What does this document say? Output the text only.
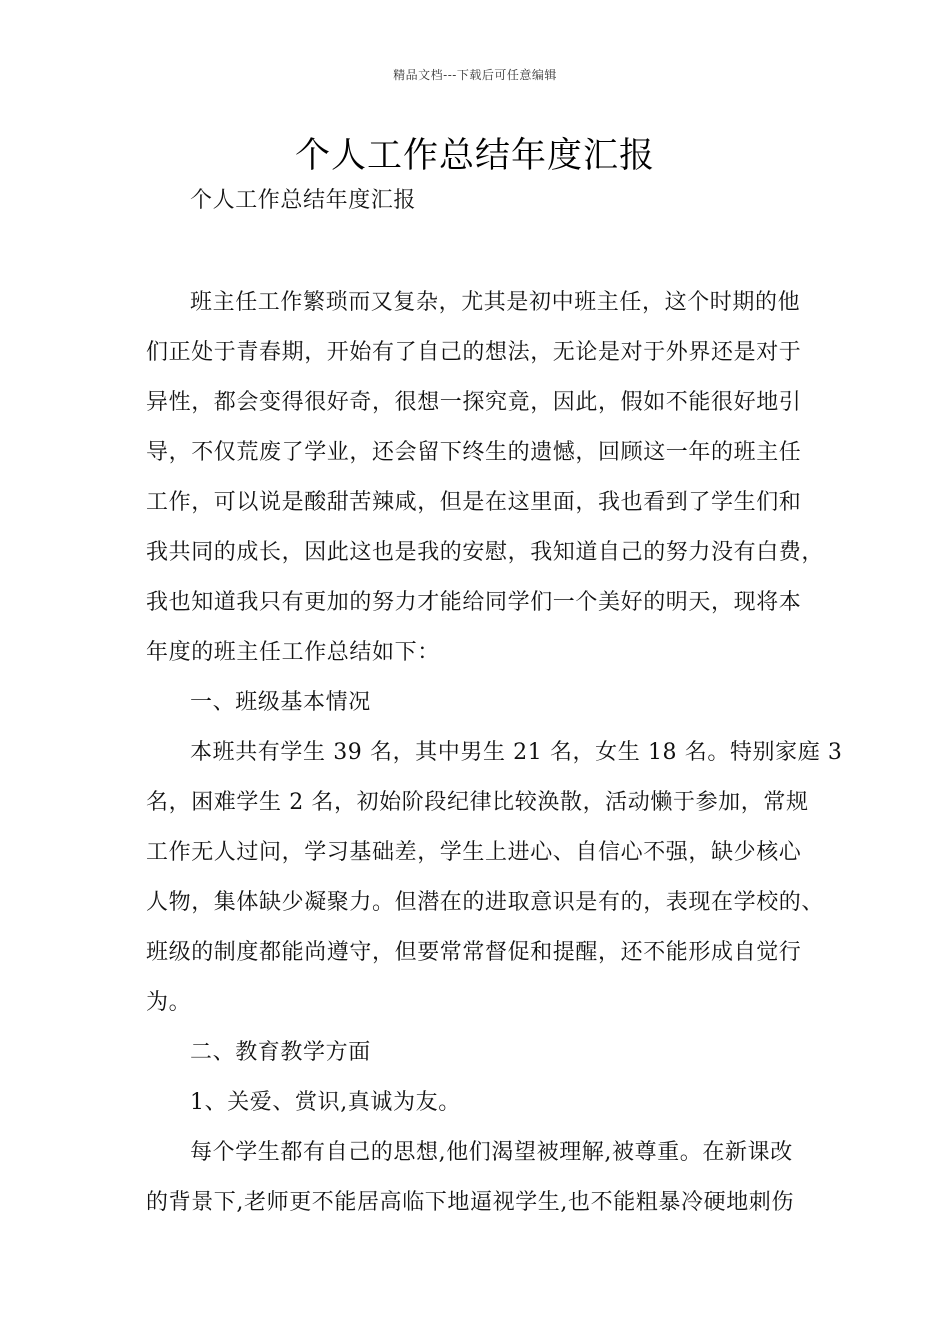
精品文档---下载后可任意编辑
个人工作总结年度汇报
个人工作总结年度汇报
班主任工作繁琐而又复杂，尤其是初中班主任，这个时期的他
们正处于青春期，开始有了自己的想法，无论是对于外界还是对于
异性，都会变得很好奇，很想一探究竟，因此，假如不能很好地引
导，不仅荒废了学业，还会留下终生的遗憾，回顾这一年的班主任
工作，可以说是酸甜苦辣咸，但是在这里面，我也看到了学生们和
我共同的成长，因此这也是我的安慰，我知道自己的努力没有白费，
我也知道我只有更加的努力才能给同学们一个美好的明天，现将本
年度的班主任工作总结如下：
一、班级基本情况
本班共有学生 39 名，其中男生 21 名，女生 18 名。特别家庭 3
名，困难学生 2 名，初始阶段纪律比较涣散，活动懒于参加，常规
工作无人过问，学习基础差，学生上进心、自信心不强，缺少核心
人物，集体缺少凝聚力。但潜在的进取意识是有的，表现在学校的、
班级的制度都能尚遵守，但要常常督促和提醒，还不能形成自觉行
为。
二、教育教学方面
1、关爱、赏识,真诚为友。
每个学生都有自己的思想,他们渴望被理解,被尊重。在新课改
的背景下,老师更不能居高临下地逼视学生,也不能粗暴冷硬地刺伤
